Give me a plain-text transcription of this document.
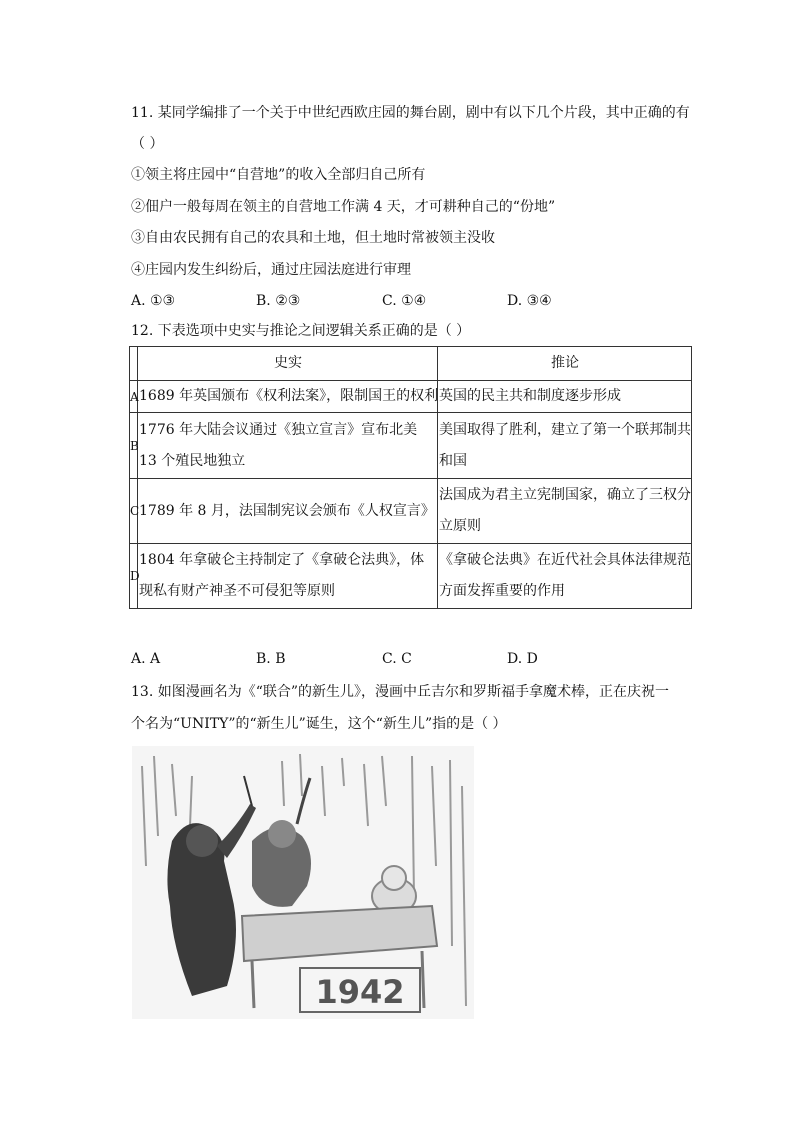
11. 某同学编排了一个关于中世纪西欧庄园的舞台剧，剧中有以下几个片段，其中正确的有
（ ）
①领主将庄园中“自营地”的收入全部归自己所有
②佃户一般每周在领主的自营地工作满 4 天，才可耕种自己的“份地”
③自由农民拥有自己的农具和土地，但土地时常被领主没收
④庄园内发生纠纷后，通过庄园法庭进行审理
A. ①③	B. ②③	C. ①④	D. ③④
12. 下表选项中史实与推论之间逻辑关系正确的是（ ）

	史实	推论

A	1689 年英国颁布《权利法案》，限制国王的权利	英国的民主共和制度逐步形成

B	1776 年大陆会议通过《独立宣言》宣布北美 13 个殖民地独立	美国取得了胜利，建立了第一个联邦制共和国

C	1789 年 8 月，法国制宪议会颁布《人权宣言》	法国成为君主立宪制国家，确立了三权分立原则

D	1804 年拿破仑主持制定了《拿破仑法典》，体现私有财产神圣不可侵犯等原则	《拿破仑法典》在近代社会具体法律规范方面发挥重要的作用
A. A	B. B	C. C	D. D
13. 如图漫画名为《“联合”的新生儿》，漫画中丘吉尔和罗斯福手拿魔术棒，正在庆祝一
个名为“UNITY”的“新生儿”诞生，这个“新生儿”指的是（ ）
1942
